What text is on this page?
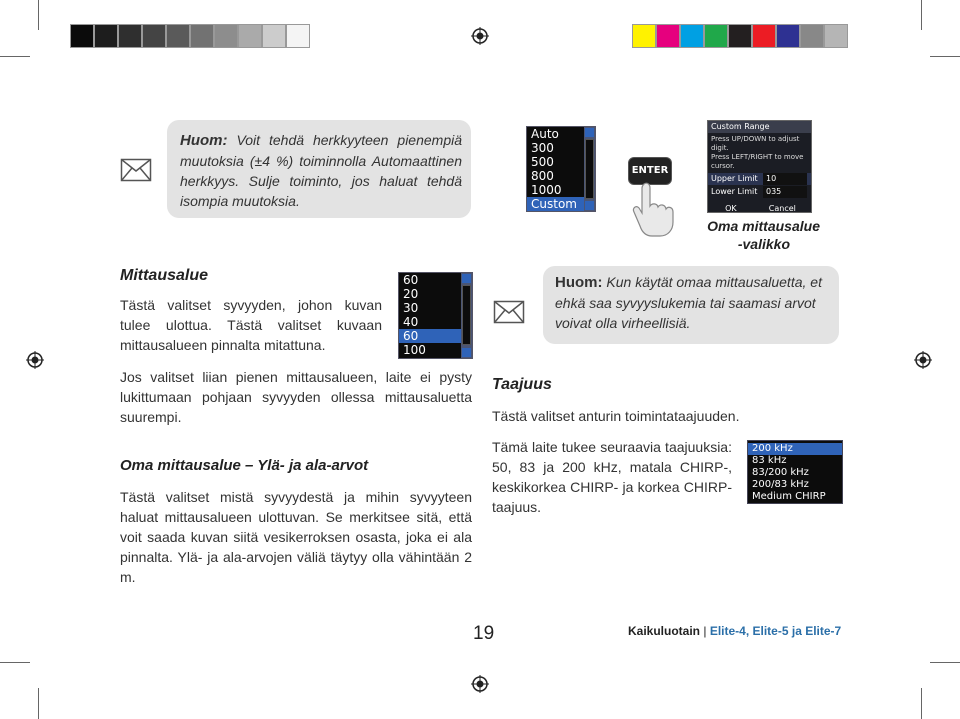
Huom: Voit tehdä herkkyyteen pienempiä muutoksia (±4 %) toiminnolla Automaattinen herkkyys. Sulje toiminto, jos haluat tehdä isompia muutoksia.
Mittausalue
Tästä valitset syvyyden, johon kuvan tulee ulottua. Tästä valitset kuvaan mittausalueen pinnalta mitattuna.
60
20
30
40
60
100
Jos valitset liian pienen mittausalueen, laite ei pysty lukittumaan pohjaan syvyyden ollessa mittausaluetta suurempi.
Oma mittausalue – Ylä- ja ala-arvot
Tästä valitset mistä syvyydestä ja mihin syvyyteen haluat mittausalueen ulottuvan. Se merkitsee sitä, että voit saada kuvan siitä vesikerroksen osasta, joka ei ala pinnalta. Ylä- ja ala-arvojen väliä täytyy olla vähintään 2 m.
Auto
300
500
800
1000
Custom
ENTER
Custom Range
Press UP/DOWN to adjust
digit.
Press LEFT/RIGHT to move
cursor.
Upper Limit	10
Lower Limit	035
OK	Cancel
Oma mittausalue
-valikko
Huom: Kun käytät omaa mittausaluetta, et ehkä saa syvyyslukemia tai saamasi arvot voivat olla virheellisiä.
Taajuus
Tästä valitset anturin toimintataajuuden.
Tämä laite tukee seuraavia taajuuksia: 50, 83 ja 200 kHz, matala CHIRP-, keskikorkea CHIRP- ja korkea CHIRP-taajuus.
200 kHz
83 kHz
83/200 kHz
200/83 kHz
Medium CHIRP
19	Kaikuluotain | Elite-4, Elite-5 ja Elite-7
